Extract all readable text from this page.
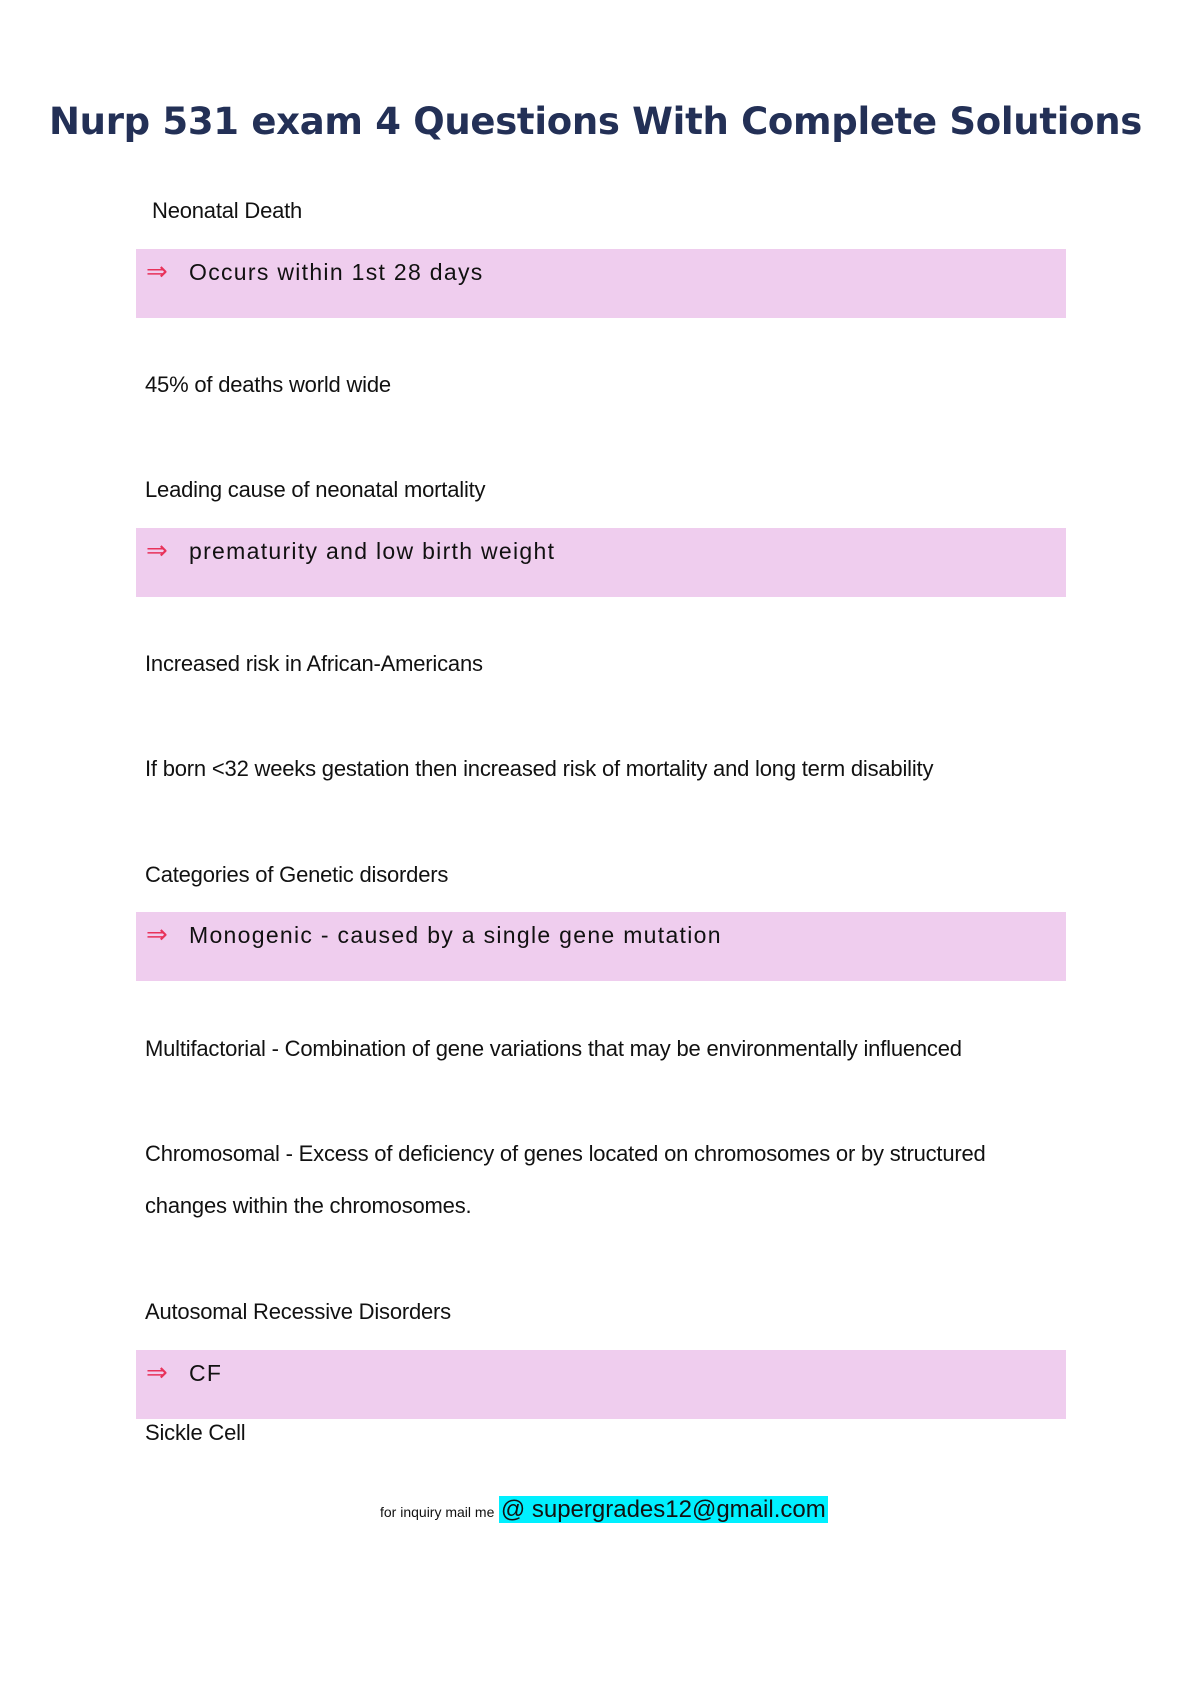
Nurp 531 exam 4 Questions With Complete Solutions
Neonatal Death
⇒ Occurs within 1st 28 days
45% of deaths world wide
Leading cause of neonatal mortality
⇒ prematurity and low birth weight
Increased risk in African-Americans
If born <32 weeks gestation then increased risk of mortality and long term disability
Categories of Genetic disorders
⇒ Monogenic - caused by a single gene mutation
Multifactorial - Combination of gene variations that may be environmentally influenced
Chromosomal - Excess of deficiency of genes located on chromosomes or by structured
changes within the chromosomes.
Autosomal Recessive Disorders
⇒ CF
Sickle Cell
for inquiry mail me @ supergrades12@gmail.com
